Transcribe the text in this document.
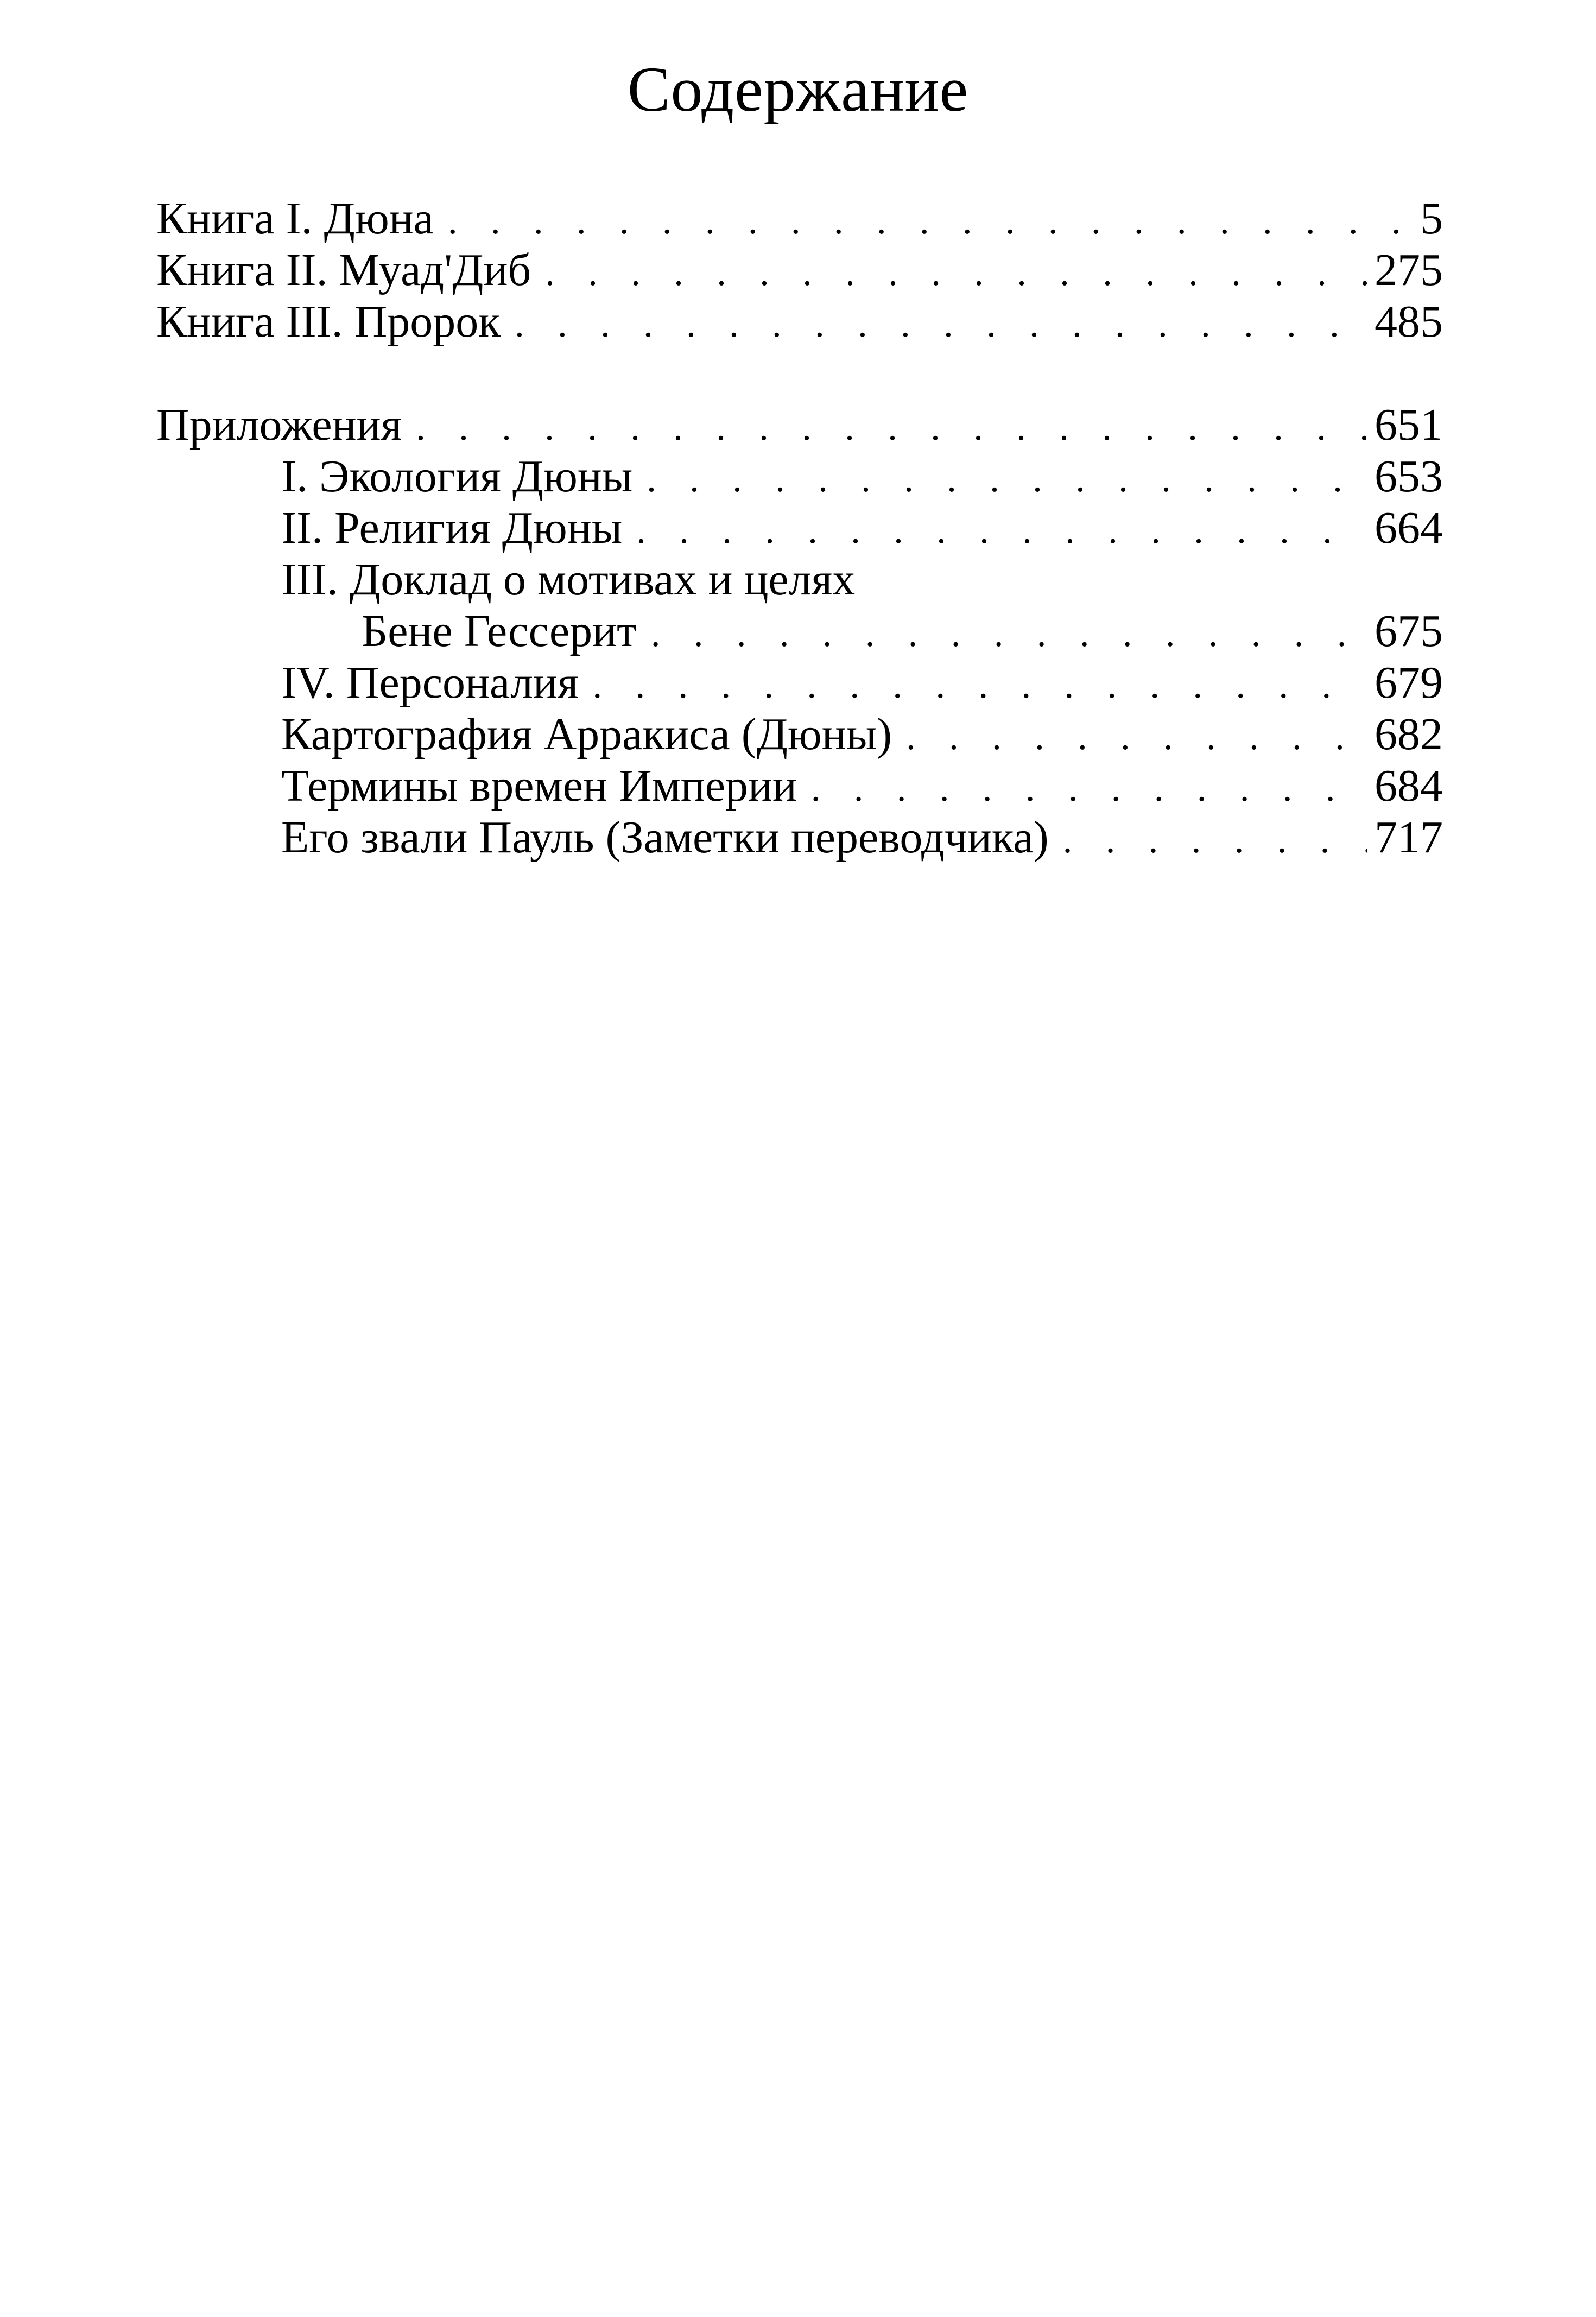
Содержание
Книга I. Дюна . . .	5
Книга II. Муад'Диб . . .	275
Книга III. Пророк . . .	485
Приложения . . .	651
I. Экология Дюны . . .	653
II. Религия Дюны . . .	664
III. Доклад о мотивах и целях
Бене Гессерит . . .	675
IV. Персоналия . . .	679
Картография Арракиса (Дюны) . . .	682
Термины времен Империи . . .	684
Его звали Пауль (Заметки переводчика) . . .	717
